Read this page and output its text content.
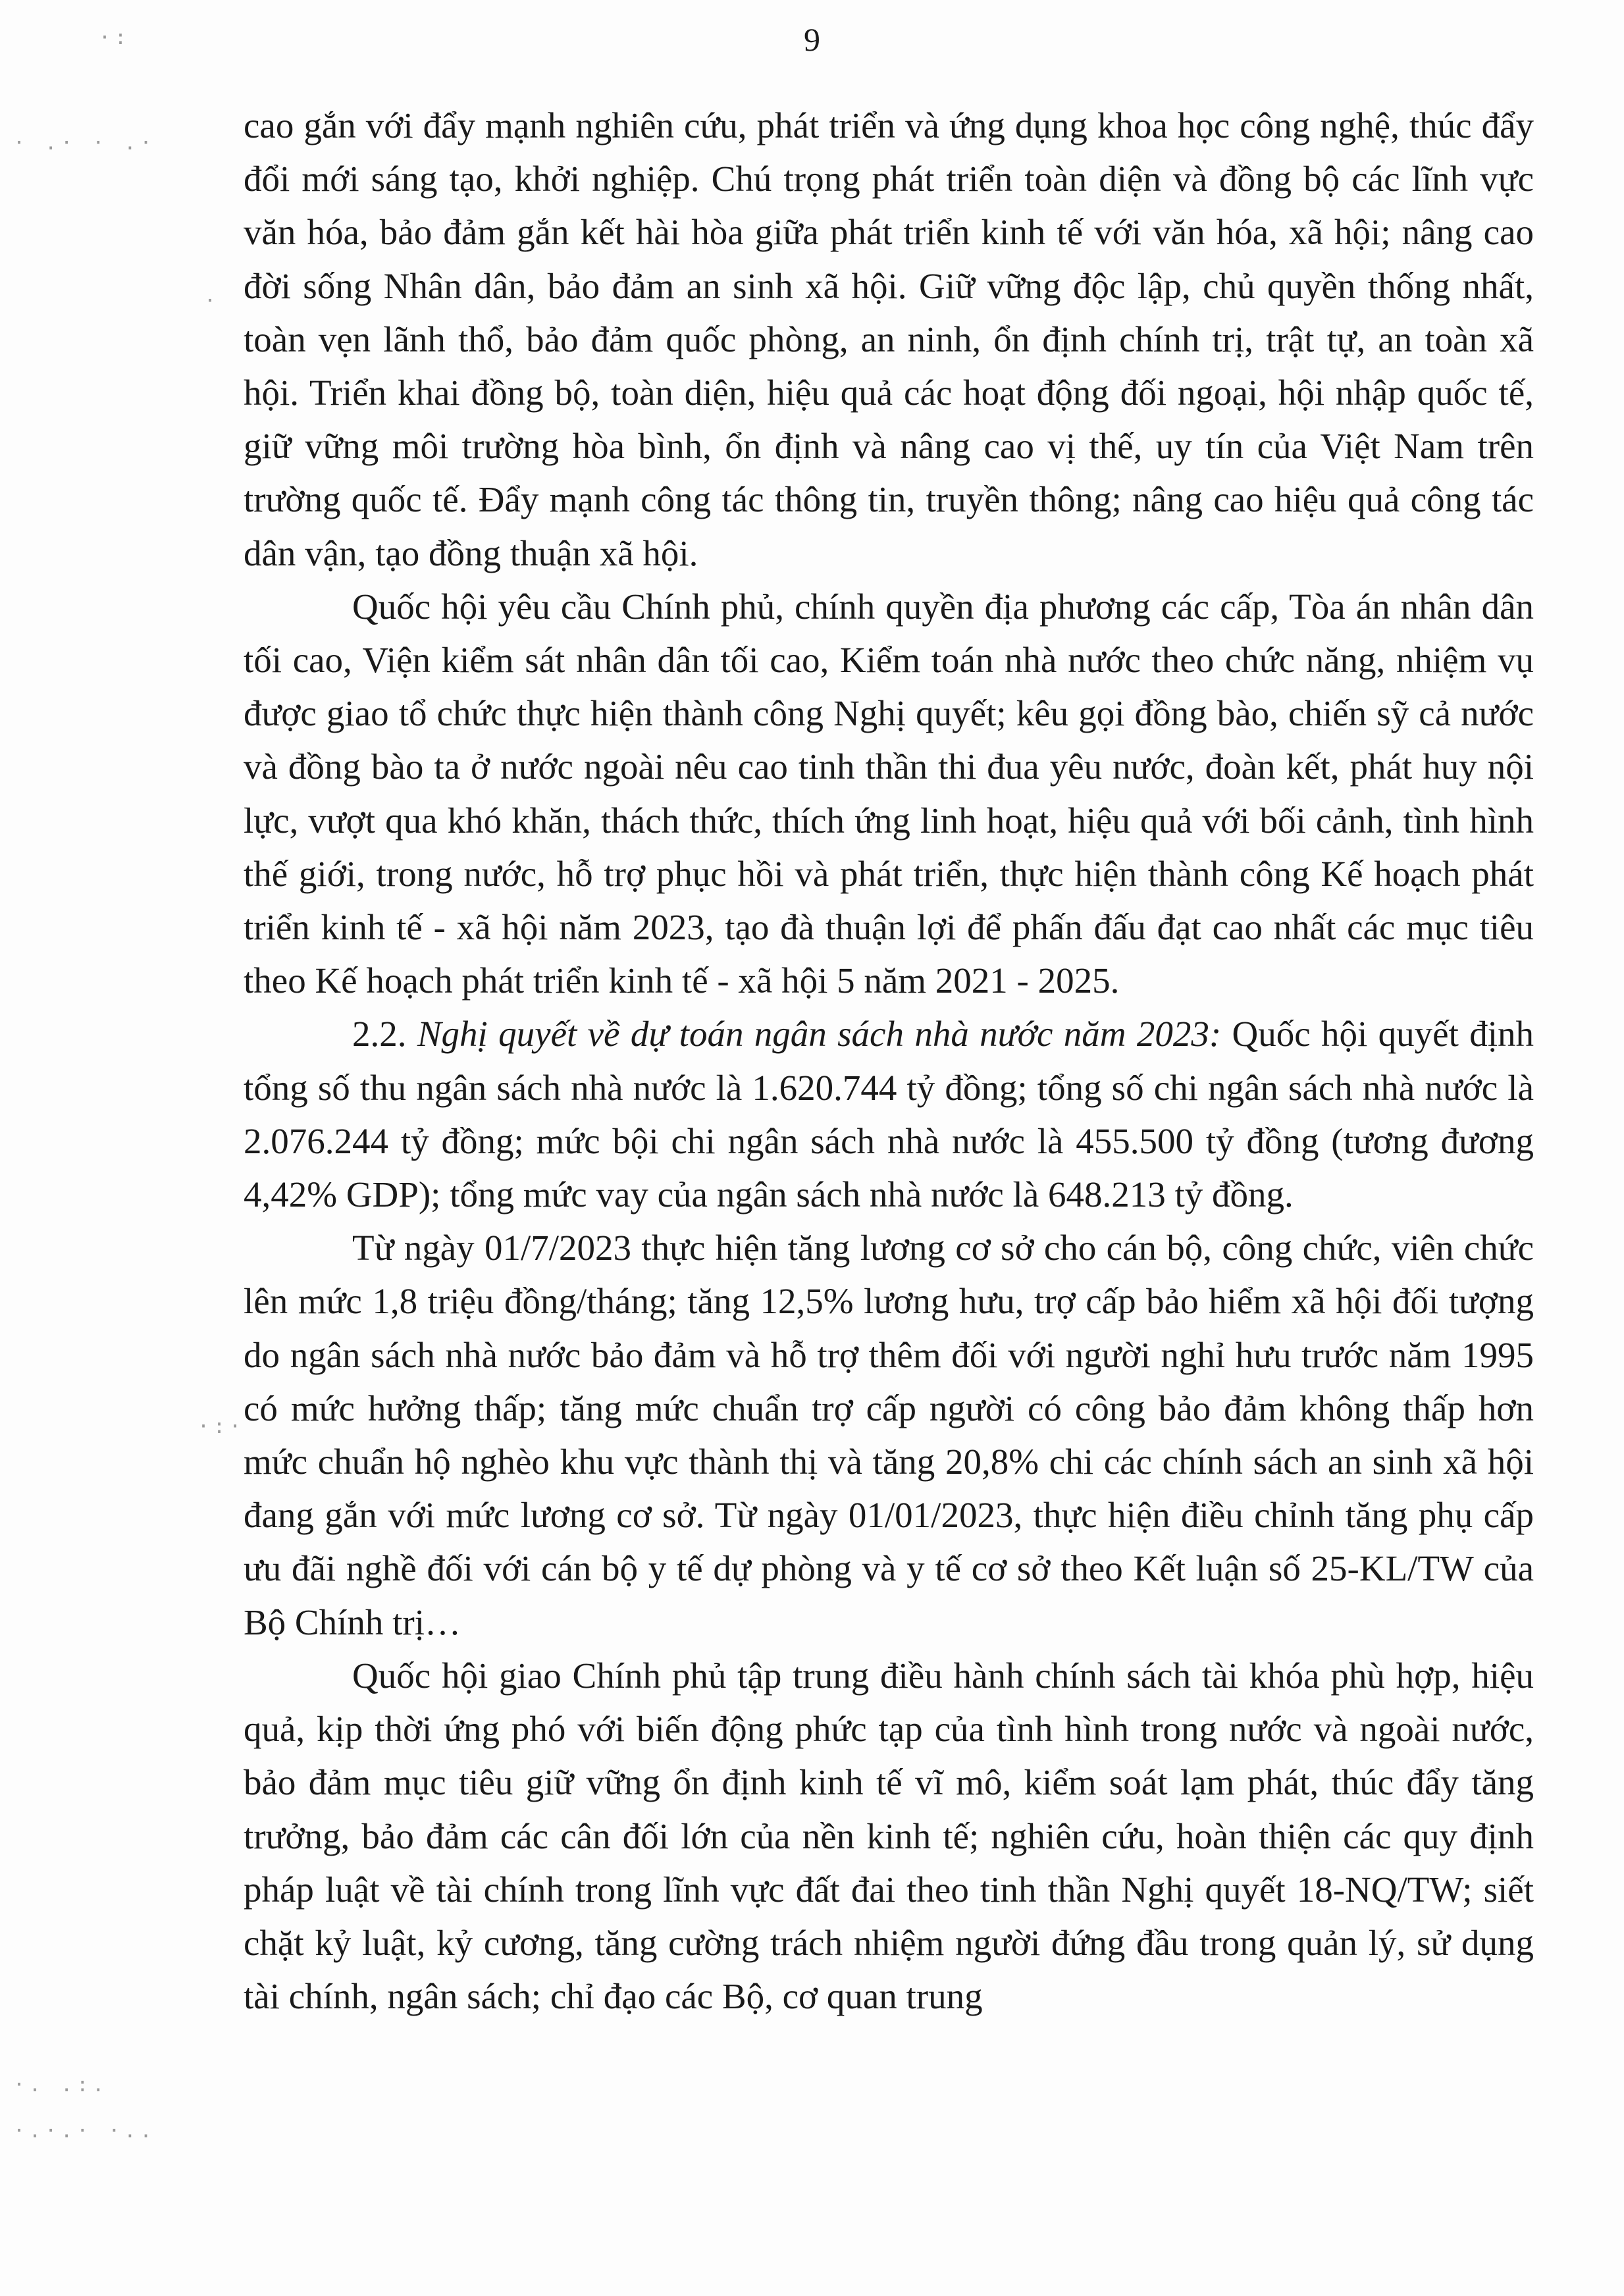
·:
· .· · .·
·
·:·
·. .:.
·.·.· ·..
9

cao gắn với đẩy mạnh nghiên cứu, phát triển và ứng dụng khoa học công nghệ, thúc đẩy đổi mới sáng tạo, khởi nghiệp. Chú trọng phát triển toàn diện và đồng bộ các lĩnh vực văn hóa, bảo đảm gắn kết hài hòa giữa phát triển kinh tế với văn hóa, xã hội; nâng cao đời sống Nhân dân, bảo đảm an sinh xã hội. Giữ vững độc lập, chủ quyền thống nhất, toàn vẹn lãnh thổ, bảo đảm quốc phòng, an ninh, ổn định chính trị, trật tự, an toàn xã hội. Triển khai đồng bộ, toàn diện, hiệu quả các hoạt động đối ngoại, hội nhập quốc tế, giữ vững môi trường hòa bình, ổn định và nâng cao vị thế, uy tín của Việt Nam trên trường quốc tế. Đẩy mạnh công tác thông tin, truyền thông; nâng cao hiệu quả công tác dân vận, tạo đồng thuận xã hội.

Quốc hội yêu cầu Chính phủ, chính quyền địa phương các cấp, Tòa án nhân dân tối cao, Viện kiểm sát nhân dân tối cao, Kiểm toán nhà nước theo chức năng, nhiệm vụ được giao tổ chức thực hiện thành công Nghị quyết; kêu gọi đồng bào, chiến sỹ cả nước và đồng bào ta ở nước ngoài nêu cao tinh thần thi đua yêu nước, đoàn kết, phát huy nội lực, vượt qua khó khăn, thách thức, thích ứng linh hoạt, hiệu quả với bối cảnh, tình hình thế giới, trong nước, hỗ trợ phục hồi và phát triển, thực hiện thành công Kế hoạch phát triển kinh tế - xã hội năm 2023, tạo đà thuận lợi để phấn đấu đạt cao nhất các mục tiêu theo Kế hoạch phát triển kinh tế - xã hội 5 năm 2021 - 2025.

2.2. Nghị quyết về dự toán ngân sách nhà nước năm 2023: Quốc hội quyết định tổng số thu ngân sách nhà nước là 1.620.744 tỷ đồng; tổng số chi ngân sách nhà nước là 2.076.244 tỷ đồng; mức bội chi ngân sách nhà nước là 455.500 tỷ đồng (tương đương 4,42% GDP); tổng mức vay của ngân sách nhà nước là 648.213 tỷ đồng.

Từ ngày 01/7/2023 thực hiện tăng lương cơ sở cho cán bộ, công chức, viên chức lên mức 1,8 triệu đồng/tháng; tăng 12,5% lương hưu, trợ cấp bảo hiểm xã hội đối tượng do ngân sách nhà nước bảo đảm và hỗ trợ thêm đối với người nghỉ hưu trước năm 1995 có mức hưởng thấp; tăng mức chuẩn trợ cấp người có công bảo đảm không thấp hơn mức chuẩn hộ nghèo khu vực thành thị và tăng 20,8% chi các chính sách an sinh xã hội đang gắn với mức lương cơ sở. Từ ngày 01/01/2023, thực hiện điều chỉnh tăng phụ cấp ưu đãi nghề đối với cán bộ y tế dự phòng và y tế cơ sở theo Kết luận số 25-KL/TW của Bộ Chính trị…

Quốc hội giao Chính phủ tập trung điều hành chính sách tài khóa phù hợp, hiệu quả, kịp thời ứng phó với biến động phức tạp của tình hình trong nước và ngoài nước, bảo đảm mục tiêu giữ vững ổn định kinh tế vĩ mô, kiểm soát lạm phát, thúc đẩy tăng trưởng, bảo đảm các cân đối lớn của nền kinh tế; nghiên cứu, hoàn thiện các quy định pháp luật về tài chính trong lĩnh vực đất đai theo tinh thần Nghị quyết 18-NQ/TW; siết chặt kỷ luật, kỷ cương, tăng cường trách nhiệm người đứng đầu trong quản lý, sử dụng tài chính, ngân sách; chỉ đạo các Bộ, cơ quan trung
